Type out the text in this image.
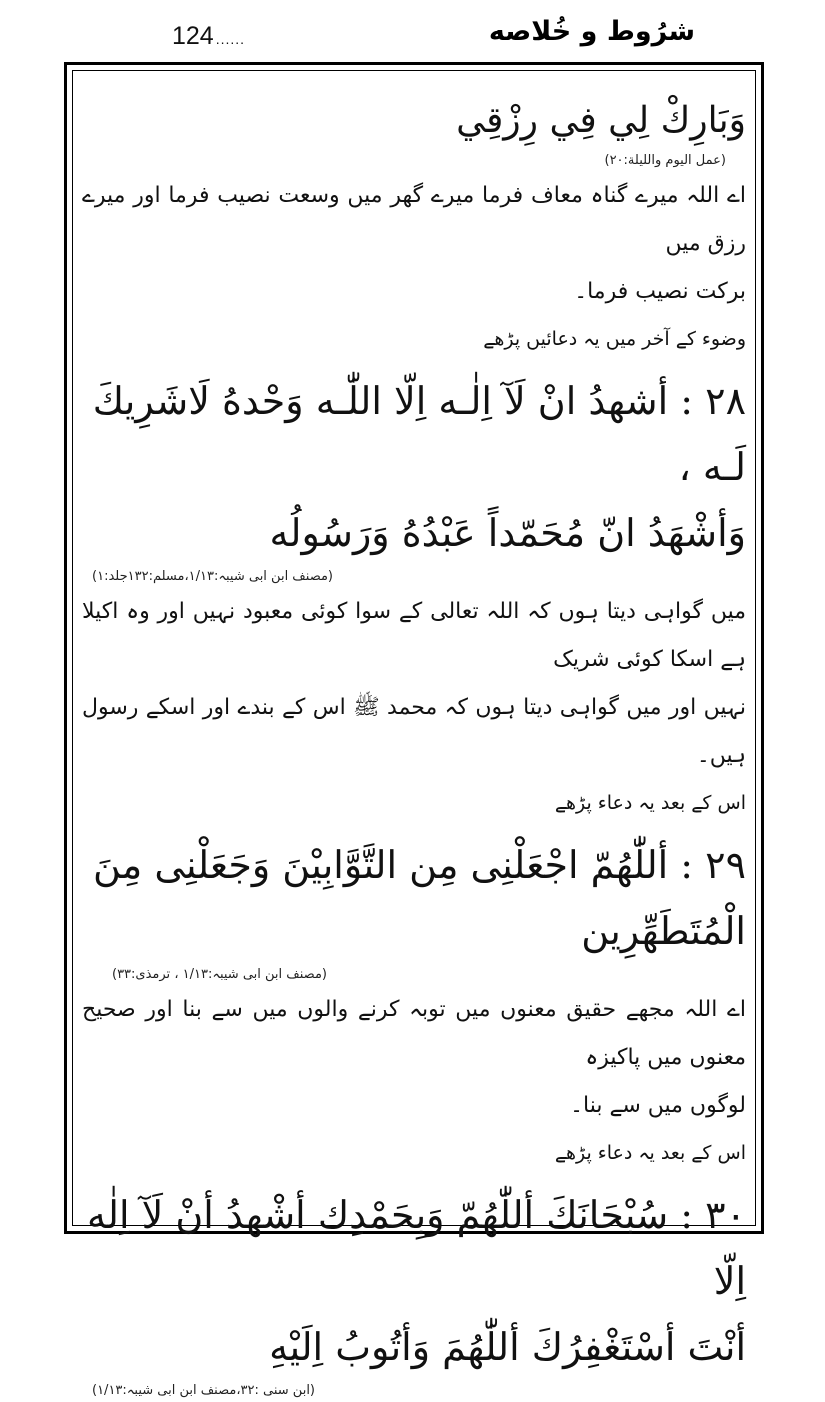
124 ......	شرُوط و خُلاصه

وَبَارِكْ لِي فِي رِزْقِي

(عمل اليوم والليلة:٢٠)

اے اللہ میرے گناہ معاف فرما میرے گھر میں وسعت نصیب فرما اور میرے رزق میں

برکت نصیب فرما۔

وضوء کے آخر میں یہ دعائیں پڑھے

٢٨ : أشهدُ انْ لَآ اِلٰـه اِلّا اللّٰـه وَحْدهُ لَاشَرِيكَ لَـه ،

وَأشْهَدُ انّ مُحَمّداً عَبْدُهُ وَرَسُولُه

(مصنف ابن ابی شیبہ:١/١٣،مسلم:١٣٢جلد:١)

میں گواہی دیتا ہوں کہ اللہ تعالی کے سوا کوئی معبود نہیں اور وہ اکیلا ہے اسکا کوئی شریک

نہیں اور میں گواہی دیتا ہوں کہ محمد ﷺ اس کے بندے اور اسکے رسول ہیں۔

اس کے بعد یہ دعاء پڑھے

٢٩ : أللّٰهُمّ اجْعَلْنِى مِن التَّوَّابِيْنَ وَجَعَلْنِى مِنَ

الْمُتَطَهِّرِين

(مصنف ابن ابی شیبہ:١/١٣ ، ترمذی:٣٣)

اے اللہ مجھے حقیق معنوں میں توبہ کرنے والوں میں سے بنا اور صحیح معنوں میں پاکیزہ

لوگوں میں سے بنا۔

اس کے بعد یہ دعاء پڑھے

٣٠ : سُبْحَانَكَ أللّٰهُمّ وَبِحَمْدِك أشْهدُ أنْ لَآ اِلٰه اِلّا

أنْتَ أسْتَغْفِرُكَ أللّٰهُمَ وَأتُوبُ اِلَيْهِ

(ابن سنی :٣٢،مصنف ابن ابی شیبہ:١/١٣)
